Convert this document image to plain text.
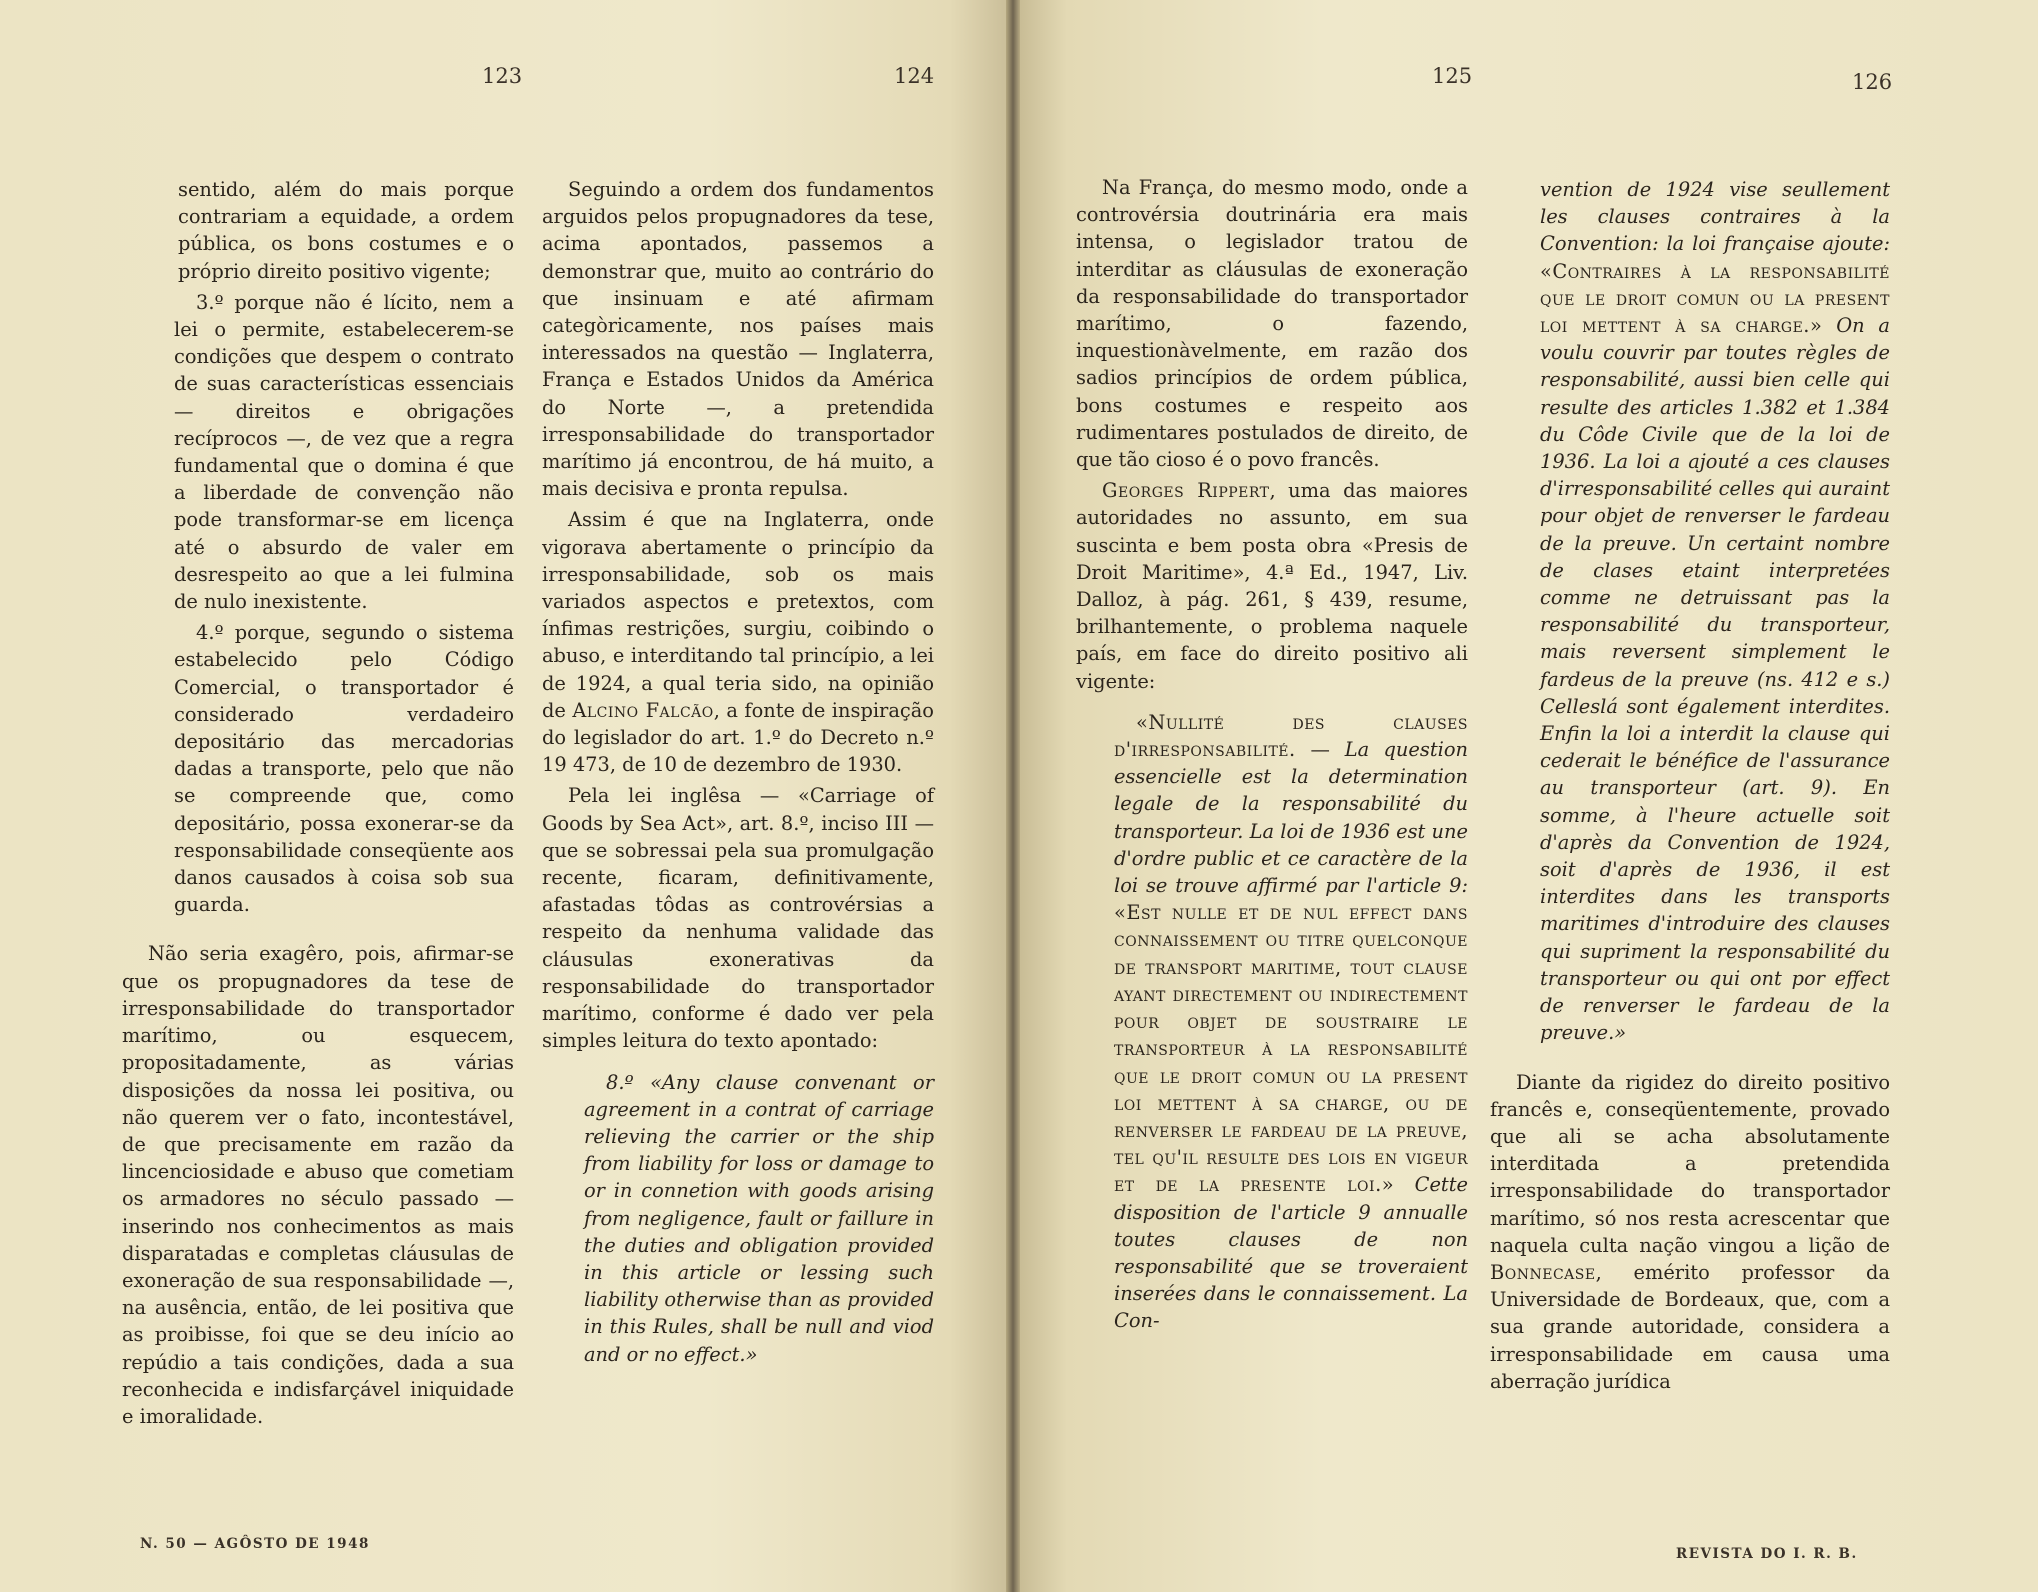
123	124	125	126

sentido, além do mais porque contrariam a equidade, a ordem pública, os bons costumes e o próprio direito positivo vigente;

3.º porque não é lícito, nem a lei o permite, estabelecerem-se condições que despem o contrato de suas características essenciais — direitos e obrigações recíprocos —, de vez que a regra fundamental que o domina é que a liberdade de convenção não pode transformar-se em licença até o absurdo de valer em desrespeito ao que a lei fulmina de nulo inexistente.

4.º porque, segundo o sistema estabelecido pelo Código Comercial, o transportador é considerado verdadeiro depositário das mercadorias dadas a transporte, pelo que não se compreende que, como depositário, possa exonerar-se da responsabilidade conseqüente aos danos causados à coisa sob sua guarda.

Não seria exagêro, pois, afirmar-se que os propugnadores da tese de irresponsabilidade do transportador marítimo, ou esquecem, propositadamente, as várias disposições da nossa lei positiva, ou não querem ver o fato, incontestável, de que precisamente em razão da lincenciosidade e abuso que cometiam os armadores no século passado — inserindo nos conhecimentos as mais disparatadas e completas cláusulas de exoneração de sua responsabilidade —, na ausência, então, de lei positiva que as proibisse, foi que se deu início ao repúdio a tais condições, dada a sua reconhecida e indisfarçável iniquidade e imoralidade.

Seguindo a ordem dos fundamentos arguidos pelos propugnadores da tese, acima apontados, passemos a demonstrar que, muito ao contrário do que insinuam e até afirmam categòricamente, nos países mais interessados na questão — Inglaterra, França e Estados Unidos da América do Norte —, a pretendida irresponsabilidade do transportador marítimo já encontrou, de há muito, a mais decisiva e pronta repulsa.

Assim é que na Inglaterra, onde vigorava abertamente o princípio da irresponsabilidade, sob os mais variados aspectos e pretextos, com ínfimas restrições, surgiu, coibindo o abuso, e interditando tal princípio, a lei de 1924, a qual teria sido, na opinião de Alcino Falcão, a fonte de inspiração do legislador do art. 1.º do Decreto n.º 19 473, de 10 de dezembro de 1930.

Pela lei inglêsa — «Carriage of Goods by Sea Act», art. 8.º, inciso III — que se sobressai pela sua promulgação recente, ficaram, definitivamente, afastadas tôdas as controvérsias a respeito da nenhuma validade das cláusulas exonerativas da responsabilidade do transportador marítimo, conforme é dado ver pela simples leitura do texto apontado:

8.º «Any clause convenant or agreement in a contrat of carriage relieving the carrier or the ship from liability for loss or damage to or in connetion with goods arising from negligence, fault or faillure in the duties and obligation provided in this article or lessing such liability otherwise than as provided in this Rules, shall be null and viod and or no effect.»

Na França, do mesmo modo, onde a controvérsia doutrinária era mais intensa, o legislador tratou de interditar as cláusulas de exoneração da responsabilidade do transportador marítimo, o fazendo, inquestionàvelmente, em razão dos sadios princípios de ordem pública, bons costumes e respeito aos rudimentares postulados de direito, de que tão cioso é o povo francês.

Georges Rippert, uma das maiores autoridades no assunto, em sua suscinta e bem posta obra «Presis de Droit Maritime», 4.ª Ed., 1947, Liv. Dalloz, à pág. 261, § 439, resume, brilhantemente, o problema naquele país, em face do direito positivo ali vigente:

«Nullité des clauses d'irresponsabilité. — La question essencielle est la determination legale de la responsabilité du transporteur. La loi de 1936 est une d'ordre public et ce caractère de la loi se trouve affirmé par l'article 9: «Est nulle et de nul effect dans connaissement ou titre quelconque de transport maritime, tout clause ayant directement ou indirectement pour objet de soustraire le transporteur à la responsabilité que le droit comun ou la present loi mettent à sa charge, ou de renverser le fardeau de la preuve, tel qu'il resulte des lois en vigeur et de la presente loi.» Cette disposition de l'article 9 annualle toutes clauses de non responsabilité que se troveraient inserées dans le connaissement. La Con-

vention de 1924 vise seullement les clauses contraires à la Convention: la loi française ajoute: «Contraires à la responsabilité que le droit comun ou la present loi mettent à sa charge.» On a voulu couvrir par toutes règles de responsabilité, aussi bien celle qui resulte des articles 1.382 et 1.384 du Côde Civile que de la loi de 1936. La loi a ajouté a ces clauses d'irresponsabilité celles qui auraint pour objet de renverser le fardeau de la preuve. Un certaint nombre de clases etaint interpretées comme ne detruissant pas la responsabilité du transporteur, mais reversent simplement le fardeus de la preuve (ns. 412 e s.) Celleslá sont également interdites. Enfin la loi a interdit la clause qui cederait le bénéfice de l'assurance au transporteur (art. 9). En somme, à l'heure actuelle soit d'après da Convention de 1924, soit d'après de 1936, il est interdites dans les transports maritimes d'introduire des clauses qui supriment la responsabilité du transporteur ou qui ont por effect de renverser le fardeau de la preuve.»

Diante da rigidez do direito positivo francês e, conseqüentemente, provado que ali se acha absolutamente interditada a pretendida irresponsabilidade do transportador marítimo, só nos resta acrescentar que naquela culta nação vingou a lição de Bonnecase, emérito professor da Universidade de Bordeaux, que, com a sua grande autoridade, considera a irresponsabilidade em causa uma aberração jurídica

N. 50 — AGÔSTO DE 1948
REVISTA DO I. R. B.
